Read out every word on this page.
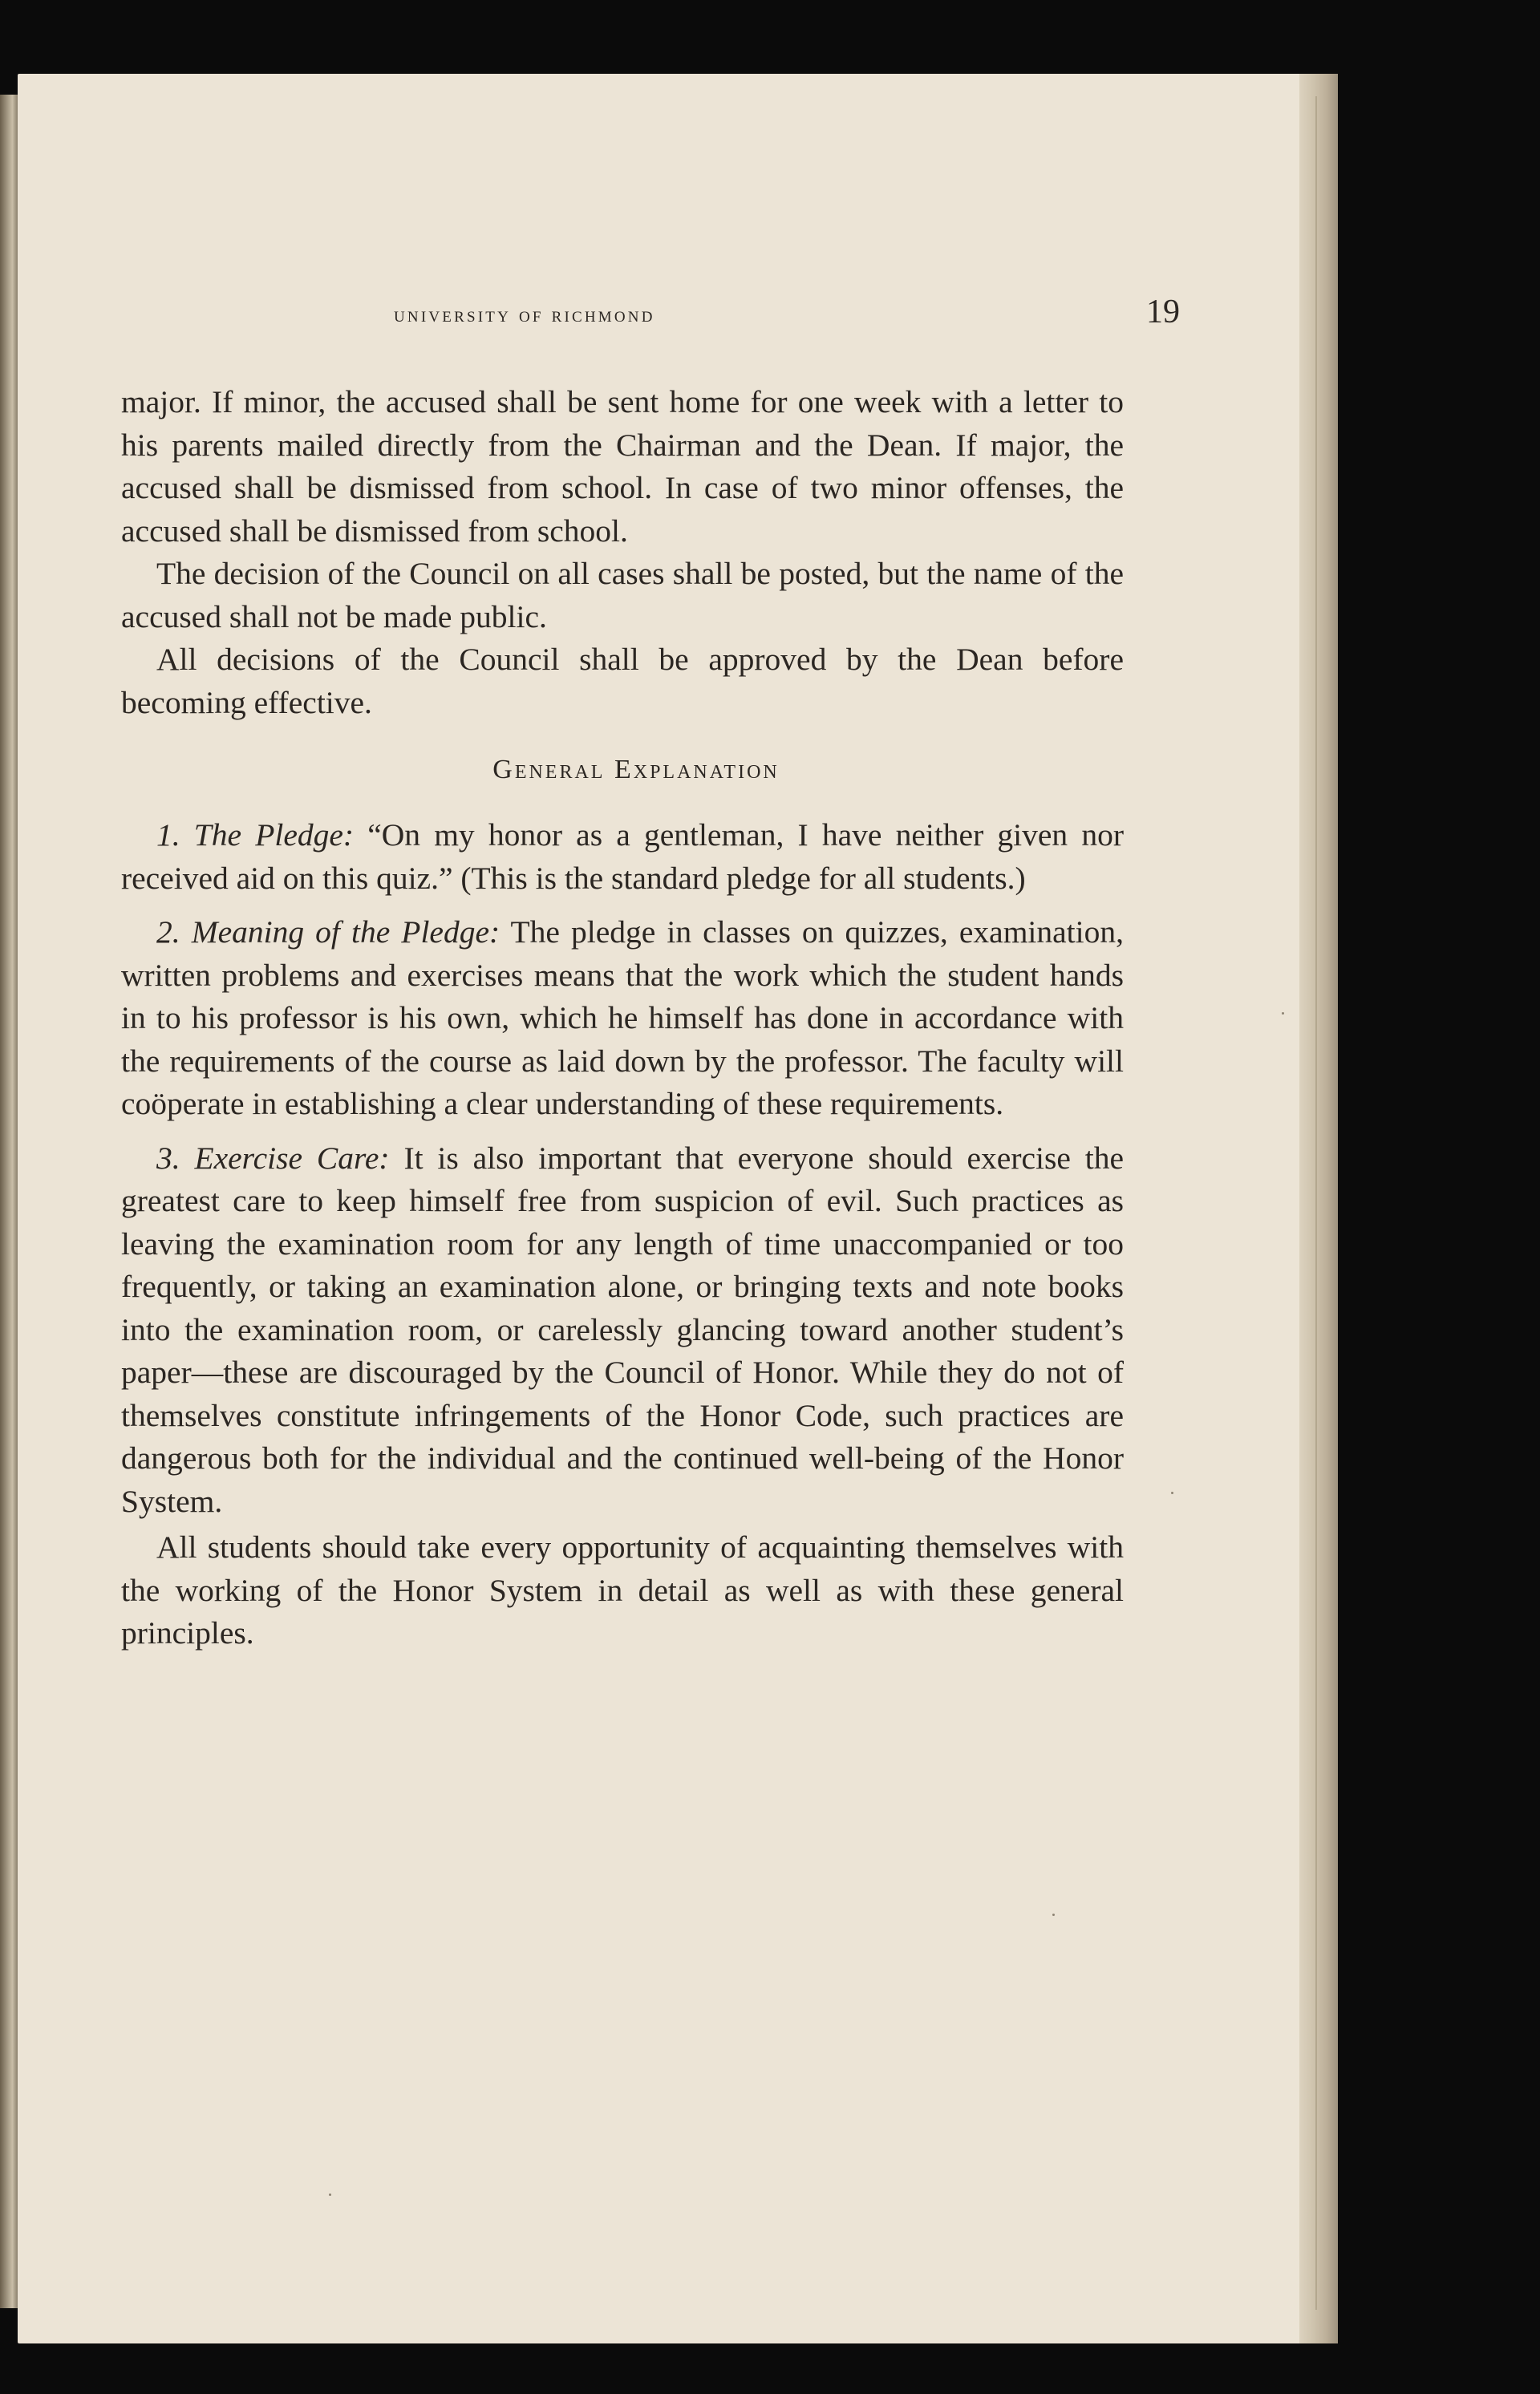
university of richmond	19

major. If minor, the accused shall be sent home for one week with a letter to his parents mailed directly from the Chairman and the Dean. If major, the accused shall be dismissed from school. In case of two minor offenses, the accused shall be dismissed from school.

The decision of the Council on all cases shall be posted, but the name of the accused shall not be made public.

All decisions of the Council shall be approved by the Dean before becoming effective.

General Explanation

1. The Pledge: “On my honor as a gentleman, I have neither given nor received aid on this quiz.” (This is the standard pledge for all students.)

2. Meaning of the Pledge: The pledge in classes on quizzes, examination, written problems and exercises means that the work which the student hands in to his professor is his own, which he himself has done in accordance with the requirements of the course as laid down by the professor. The faculty will coöperate in establishing a clear understanding of these requirements.

3. Exercise Care: It is also important that everyone should exercise the greatest care to keep himself free from suspicion of evil. Such practices as leaving the examination room for any length of time unaccompanied or too frequently, or taking an examination alone, or bringing texts and note books into the examination room, or carelessly glancing toward another student’s paper—these are discouraged by the Council of Honor. While they do not of themselves constitute infringements of the Honor Code, such practices are dangerous both for the individual and the continued well-being of the Honor System.

All students should take every opportunity of acquainting themselves with the working of the Honor System in detail as well as with these general principles.
